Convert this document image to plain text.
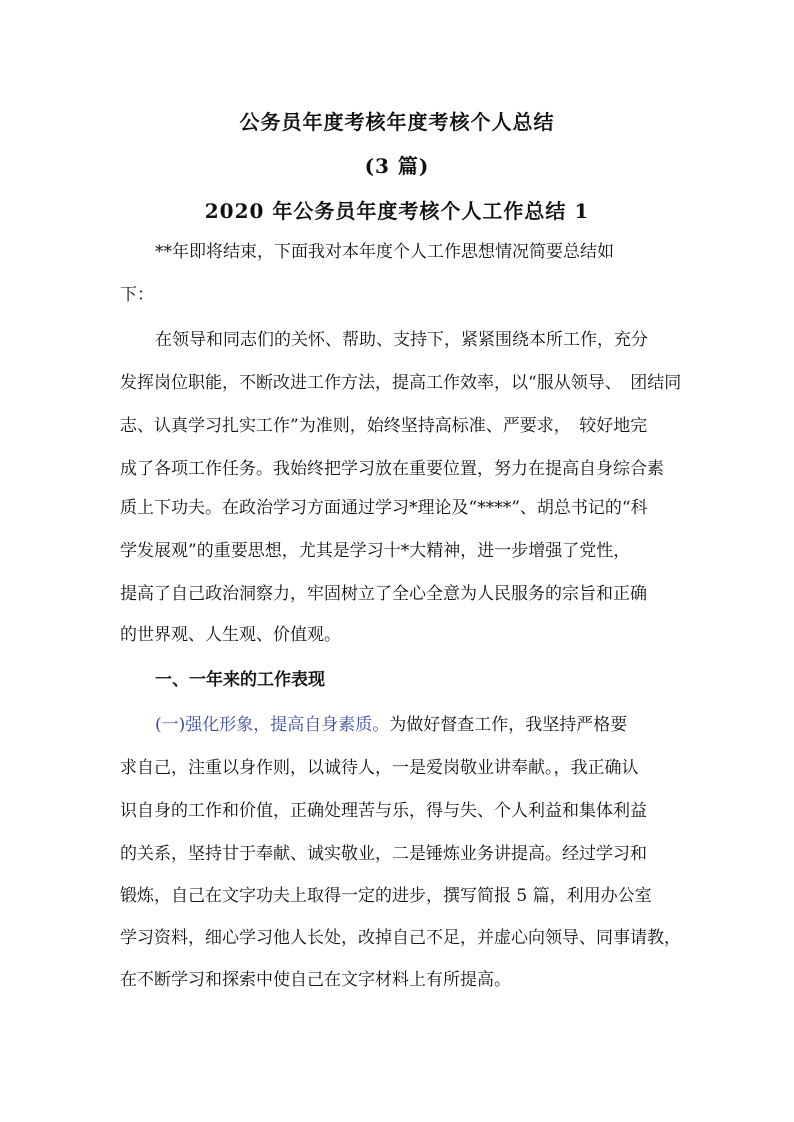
公务员年度考核年度考核个人总结
(3 篇)
2020 年公务员年度考核个人工作总结 1
**年即将结束，下面我对本年度个人工作思想情况简要总结如
下：
在领导和同志们的关怀、帮助、支持下，紧紧围绕本所工作，充分
发挥岗位职能，不断改进工作方法，提高工作效率，以“服从领导、　团结同
志、认真学习扎实工作”为准则，始终坚持高标准、严要求，　较好地完
成了各项工作任务。我始终把学习放在重要位置，努力在提高自身综合素
质上下功夫。在政治学习方面通过学习*理论及“****”、胡总书记的“科
学发展观”的重要思想，尤其是学习十*大精神，进一步增强了党性，
提高了自己政治洞察力，牢固树立了全心全意为人民服务的宗旨和正确
的世界观、人生观、价值观。
一、一年来的工作表现
(一)强化形象，提高自身素质。为做好督查工作，我坚持严格要
求自己，注重以身作则，以诚待人，一是爱岗敬业讲奉献。，我正确认
识自身的工作和价值，正确处理苦与乐，得与失、个人利益和集体利益
的关系，坚持甘于奉献、诚实敬业，二是锤炼业务讲提高。经过学习和
锻炼，自己在文字功夫上取得一定的进步，撰写简报 5 篇，利用办公室
学习资料，细心学习他人长处，改掉自己不足，并虚心向领导、同事请教，
在不断学习和探索中使自己在文字材料上有所提高。
